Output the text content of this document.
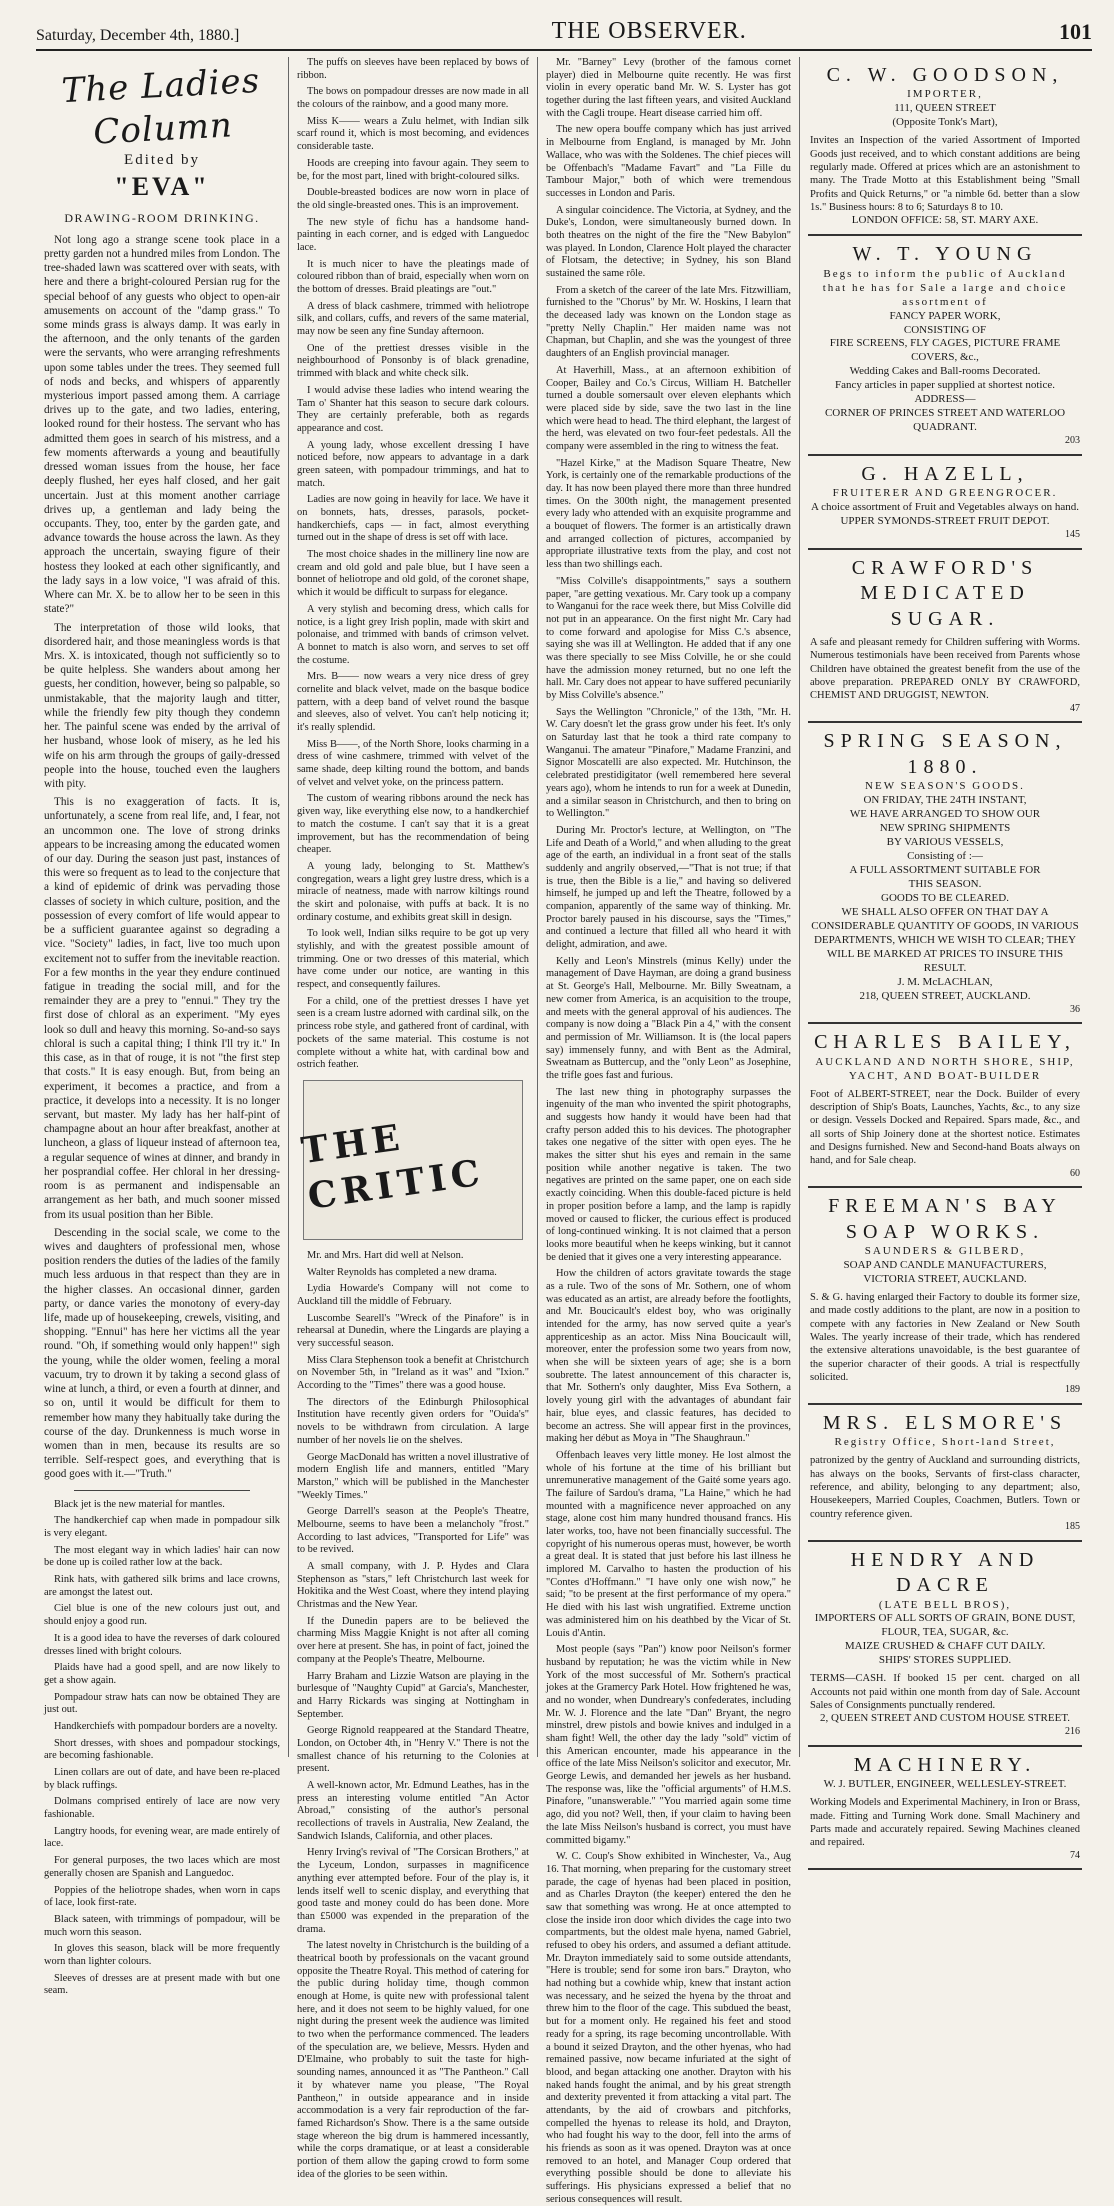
Saturday, December 4th, 1880.]	THE OBSERVER.	101
The Ladies Column
Edited by
"EVA"
DRAWING-ROOM DRINKING.

Not long ago a strange scene took place in a pretty garden not a hundred miles from London. The tree-shaded lawn was scattered over with seats, with here and there a bright-coloured Persian rug for the special behoof of any guests who object to open-air amusements on account of the "damp grass." To some minds grass is always damp. It was early in the afternoon, and the only tenants of the garden were the servants, who were arranging refreshments upon some tables under the trees. They seemed full of nods and becks, and whispers of apparently mysterious import passed among them. A carriage drives up to the gate, and two ladies, entering, looked round for their hostess. The servant who has admitted them goes in search of his mistress, and a few moments afterwards a young and beautifully dressed woman issues from the house, her face deeply flushed, her eyes half closed, and her gait uncertain. Just at this moment another carriage drives up, a gentleman and lady being the occupants. They, too, enter by the garden gate, and advance towards the house across the lawn. As they approach the uncertain, swaying figure of their hostess they looked at each other significantly, and the lady says in a low voice, "I was afraid of this. Where can Mr. X. be to allow her to be seen in this state?"

The interpretation of those wild looks, that disordered hair, and those meaningless words is that Mrs. X. is intoxicated, though not sufficiently so to be quite helpless. She wanders about among her guests, her condition, however, being so palpable, so unmistakable, that the majority laugh and titter, while the friendly few pity though they condemn her. The painful scene was ended by the arrival of her husband, whose look of misery, as he led his wife on his arm through the groups of gaily-dressed people into the house, touched even the laughers with pity.

This is no exaggeration of facts. It is, unfortunately, a scene from real life, and, I fear, not an uncommon one. The love of strong drinks appears to be increasing among the educated women of our day. During the season just past, instances of this were so frequent as to lead to the conjecture that a kind of epidemic of drink was pervading those classes of society in which culture, position, and the possession of every comfort of life would appear to be a sufficient guarantee against so degrading a vice. "Society" ladies, in fact, live too much upon excitement not to suffer from the inevitable reaction. For a few months in the year they endure continued fatigue in treading the social mill, and for the remainder they are a prey to "ennui." They try the first dose of chloral as an experiment. "My eyes look so dull and heavy this morning. So-and-so says chloral is such a capital thing; I think I'll try it." In this case, as in that of rouge, it is not "the first step that costs." It is easy enough. But, from being an experiment, it becomes a practice, and from a practice, it develops into a necessity. It is no longer servant, but master. My lady has her half-pint of champagne about an hour after breakfast, another at luncheon, a glass of liqueur instead of afternoon tea, a regular sequence of wines at dinner, and brandy in her posprandial coffee. Her chloral in her dressing-room is as permanent and indispensable an arrangement as her bath, and much sooner missed from its usual position than her Bible.

Descending in the social scale, we come to the wives and daughters of professional men, whose position renders the duties of the ladies of the family much less arduous in that respect than they are in the higher classes. An occasional dinner, garden party, or dance varies the monotony of every-day life, made up of housekeeping, crewels, visiting, and shopping. "Ennui" has here her victims all the year round. "Oh, if something would only happen!" sigh the young, while the older women, feeling a moral vacuum, try to drown it by taking a second glass of wine at lunch, a third, or even a fourth at dinner, and so on, until it would be difficult for them to remember how many they habitually take during the course of the day. Drunkenness is much worse in women than in men, because its results are so terrible. Self-respect goes, and everything that is good goes with it.—"Truth."

Black jet is the new material for mantles.

The handkerchief cap when made in pompadour silk is very elegant.

The most elegant way in which ladies' hair can now be done up is coiled rather low at the back.

Rink hats, with gathered silk brims and lace crowns, are amongst the latest out.

Ciel blue is one of the new colours just out, and should enjoy a good run.

It is a good idea to have the reverses of dark coloured dresses lined with bright colours.

Plaids have had a good spell, and are now likely to get a show again.

Pompadour straw hats can now be obtained They are just out.

Handkerchiefs with pompadour borders are a novelty.

Short dresses, with shoes and pompadour stockings, are becoming fashionable.

Linen collars are out of date, and have been re-placed by black ruffings.

Dolmans comprised entirely of lace are now very fashionable.

Langtry hoods, for evening wear, are made entirely of lace.

For general purposes, the two laces which are most generally chosen are Spanish and Languedoc.

Poppies of the heliotrope shades, when worn in caps of lace, look first-rate.

Black sateen, with trimmings of pompadour, will be much worn this season.

In gloves this season, black will be more frequently worn than lighter colours.

Sleeves of dresses are at present made with but one seam.

The puffs on sleeves have been replaced by bows of ribbon.

The bows on pompadour dresses are now made in all the colours of the rainbow, and a good many more.

Miss K—— wears a Zulu helmet, with Indian silk scarf round it, which is most becoming, and evidences considerable taste.

Hoods are creeping into favour again. They seem to be, for the most part, lined with bright-coloured silks.

Double-breasted bodices are now worn in place of the old single-breasted ones. This is an improvement.

The new style of fichu has a handsome hand-painting in each corner, and is edged with Languedoc lace.

It is much nicer to have the pleatings made of coloured ribbon than of braid, especially when worn on the bottom of dresses. Braid pleatings are "out."

A dress of black cashmere, trimmed with heliotrope silk, and collars, cuffs, and revers of the same material, may now be seen any fine Sunday afternoon.

One of the prettiest dresses visible in the neighbourhood of Ponsonby is of black grenadine, trimmed with black and white check silk.

I would advise these ladies who intend wearing the Tam o' Shanter hat this season to secure dark colours. They are certainly preferable, both as regards appearance and cost.

A young lady, whose excellent dressing I have noticed before, now appears to advantage in a dark green sateen, with pompadour trimmings, and hat to match.

Ladies are now going in heavily for lace. We have it on bonnets, hats, dresses, parasols, pocket-handkerchiefs, caps — in fact, almost everything turned out in the shape of dress is set off with lace.

The most choice shades in the millinery line now are cream and old gold and pale blue, but I have seen a bonnet of heliotrope and old gold, of the coronet shape, which it would be difficult to surpass for elegance.

A very stylish and becoming dress, which calls for notice, is a light grey Irish poplin, made with skirt and polonaise, and trimmed with bands of crimson velvet. A bonnet to match is also worn, and serves to set off the costume.

Mrs. B—— now wears a very nice dress of grey cornelite and black velvet, made on the basque bodice pattern, with a deep band of velvet round the basque and sleeves, also of velvet. You can't help noticing it; it's really splendid.

Miss B——, of the North Shore, looks charming in a dress of wine cashmere, trimmed with velvet of the same shade, deep kilting round the bottom, and bands of velvet and velvet yoke, on the princess pattern.

The custom of wearing ribbons around the neck has given way, like everything else now, to a handkerchief to match the costume. I can't say that it is a great improvement, but has the recommendation of being cheaper.

A young lady, belonging to St. Matthew's congregation, wears a light grey lustre dress, which is a miracle of neatness, made with narrow kiltings round the skirt and polonaise, with puffs at back. It is no ordinary costume, and exhibits great skill in design.

To look well, Indian silks require to be got up very stylishly, and with the greatest possible amount of trimming. One or two dresses of this material, which have come under our notice, are wanting in this respect, and consequently failures.

For a child, one of the prettiest dresses I have yet seen is a cream lustre adorned with cardinal silk, on the princess robe style, and gathered front of cardinal, with pockets of the same material. This costume is not complete without a white hat, with cardinal bow and ostrich feather.

THE CRITIC

Mr. and Mrs. Hart did well at Nelson.

Walter Reynolds has completed a new drama.

Lydia Howarde's Company will not come to Auckland till the middle of February.

Luscombe Searell's "Wreck of the Pinafore" is in rehearsal at Dunedin, where the Lingards are playing a very successful season.

Miss Clara Stephenson took a benefit at Christchurch on November 5th, in "Ireland as it was" and "Ixion." According to the "Times" there was a good house.

The directors of the Edinburgh Philosophical Institution have recently given orders for "Ouida's" novels to be withdrawn from circulation. A large number of her novels lie on the shelves.

George MacDonald has written a novel illustrative of modern English life and manners, entitled "Mary Marston," which will be published in the Manchester "Weekly Times."

George Darrell's season at the People's Theatre, Melbourne, seems to have been a melancholy "frost." According to last advices, "Transported for Life" was to be revived.

A small company, with J. P. Hydes and Clara Stephenson as "stars," left Christchurch last week for Hokitika and the West Coast, where they intend playing Christmas and the New Year.

If the Dunedin papers are to be believed the charming Miss Maggie Knight is not after all coming over here at present. She has, in point of fact, joined the company at the People's Theatre, Melbourne.

Harry Braham and Lizzie Watson are playing in the burlesque of "Naughty Cupid" at Garcia's, Manchester, and Harry Rickards was singing at Nottingham in September.

George Rignold reappeared at the Standard Theatre, London, on October 4th, in "Henry V." There is not the smallest chance of his returning to the Colonies at present.

A well-known actor, Mr. Edmund Leathes, has in the press an interesting volume entitled "An Actor Abroad," consisting of the author's personal recollections of travels in Australia, New Zealand, the Sandwich Islands, California, and other places.

Henry Irving's revival of "The Corsican Brothers," at the Lyceum, London, surpasses in magnificence anything ever attempted before. Four of the play is, it lends itself well to scenic display, and everything that good taste and money could do has been done. More than £5000 was expended in the preparation of the drama.

The latest novelty in Christchurch is the building of a theatrical booth by professionals on the vacant ground opposite the Theatre Royal. This method of catering for the public during holiday time, though common enough at Home, is quite new with professional talent here, and it does not seem to be highly valued, for one night during the present week the audience was limited to two when the performance commenced. The leaders of the speculation are, we believe, Messrs. Hyden and D'Elmaine, who probably to suit the taste for high-sounding names, announced it as "The Pantheon." Call it by whatever name you please, "The Royal Pantheon," in outside appearance and in inside accommodation is a very fair reproduction of the far-famed Richardson's Show. There is a the same outside stage whereon the big drum is hammered incessantly, while the corps dramatique, or at least a considerable portion of them allow the gaping crowd to form some idea of the glories to be seen within.

Mr. "Barney" Levy (brother of the famous cornet player) died in Melbourne quite recently. He was first violin in every operatic band Mr. W. S. Lyster has got together during the last fifteen years, and visited Auckland with the Cagli troupe. Heart disease carried him off.

The new opera bouffe company which has just arrived in Melbourne from England, is managed by Mr. John Wallace, who was with the Soldenes. The chief pieces will be Offenbach's "Madame Favart" and "La Fille du Tambour Major," both of which were tremendous successes in London and Paris.

A singular coincidence. The Victoria, at Sydney, and the Duke's, London, were simultaneously burned down. In both theatres on the night of the fire the "New Babylon" was played. In London, Clarence Holt played the character of Flotsam, the detective; in Sydney, his son Bland sustained the same rôle.

From a sketch of the career of the late Mrs. Fitzwilliam, furnished to the "Chorus" by Mr. W. Hoskins, I learn that the deceased lady was known on the London stage as "pretty Nelly Chaplin." Her maiden name was not Chapman, but Chaplin, and she was the youngest of three daughters of an English provincial manager.

At Haverhill, Mass., at an afternoon exhibition of Cooper, Bailey and Co.'s Circus, William H. Batcheller turned a double somersault over eleven elephants which were placed side by side, save the two last in the line which were head to head. The third elephant, the largest of the herd, was elevated on two four-feet pedestals. All the company were assembled in the ring to witness the feat.

"Hazel Kirke," at the Madison Square Theatre, New York, is certainly one of the remarkable productions of the day. It has now been played there more than three hundred times. On the 300th night, the management presented every lady who attended with an exquisite programme and a bouquet of flowers. The former is an artistically drawn and arranged collection of pictures, accompanied by appropriate illustrative texts from the play, and cost not less than two shillings each.

"Miss Colville's disappointments," says a southern paper, "are getting vexatious. Mr. Cary took up a company to Wanganui for the race week there, but Miss Colville did not put in an appearance. On the first night Mr. Cary had to come forward and apologise for Miss C.'s absence, saying she was ill at Wellington. He added that if any one was there specially to see Miss Colville, he or she could have the admission money returned, but no one left the hall. Mr. Cary does not appear to have suffered pecuniarily by Miss Colville's absence."

Says the Wellington "Chronicle," of the 13th, "Mr. H. W. Cary doesn't let the grass grow under his feet. It's only on Saturday last that he took a third rate company to Wanganui. The amateur "Pinafore," Madame Franzini, and Signor Moscatelli are also expected. Mr. Hutchinson, the celebrated prestidigitator (well remembered here several years ago), whom he intends to run for a week at Dunedin, and a similar season in Christchurch, and then to bring on to Wellington."

During Mr. Proctor's lecture, at Wellington, on "The Life and Death of a World," and when alluding to the great age of the earth, an individual in a front seat of the stalls suddenly and angrily observed,—"That is not true; if that is true, then the Bible is a lie," and having so delivered himself, he jumped up and left the Theatre, followed by a companion, apparently of the same way of thinking. Mr. Proctor barely paused in his discourse, says the "Times," and continued a lecture that filled all who heard it with delight, admiration, and awe.

Kelly and Leon's Minstrels (minus Kelly) under the management of Dave Hayman, are doing a grand business at St. George's Hall, Melbourne. Mr. Billy Sweatnam, a new comer from America, is an acquisition to the troupe, and meets with the general approval of his audiences. The company is now doing a "Black Pin a 4," with the consent and permission of Mr. Williamson. It is (the local papers say) immensely funny, and with Bent as the Admiral, Sweatnam as Buttercup, and the "only Leon" as Josephine, the trifle goes fast and furious.

The last new thing in photography surpasses the ingenuity of the man who invented the spirit photographs, and suggests how handy it would have been had that crafty person added this to his devices. The photographer takes one negative of the sitter with open eyes. The he makes the sitter shut his eyes and remain in the same position while another negative is taken. The two negatives are printed on the same paper, one on each side exactly coinciding. When this double-faced picture is held in proper position before a lamp, and the lamp is rapidly moved or caused to flicker, the curious effect is produced of long-continued winking. It is not claimed that a person looks more beautiful when he keeps winking, but it cannot be denied that it gives one a very interesting appearance.

How the children of actors gravitate towards the stage as a rule. Two of the sons of Mr. Sothern, one of whom was educated as an artist, are already before the footlights, and Mr. Boucicault's eldest boy, who was originally intended for the army, has now served quite a year's apprenticeship as an actor. Miss Nina Boucicault will, moreover, enter the profession some two years from now, when she will be sixteen years of age; she is a born soubrette. The latest announcement of this character is, that Mr. Sothern's only daughter, Miss Eva Sothern, a lovely young girl with the advantages of abundant fair hair, blue eyes, and classic features, has decided to become an actress. She will appear first in the provinces, making her début as Moya in "The Shaughraun."

Offenbach leaves very little money. He lost almost the whole of his fortune at the time of his brilliant but unremunerative management of the Gaité some years ago. The failure of Sardou's drama, "La Haine," which he had mounted with a magnificence never approached on any stage, alone cost him many hundred thousand francs. His later works, too, have not been financially successful. The copyright of his numerous operas must, however, be worth a great deal. It is stated that just before his last illness he implored M. Carvalho to hasten the production of his "Contes d'Hoffmann." "I have only one wish now," he said; "to be present at the first performance of my opera." He died with his last wish ungratified. Extreme unction was administered him on his deathbed by the Vicar of St. Louis d'Antin.

Most people (says "Pan") know poor Neilson's former husband by reputation; he was the victim while in New York of the most successful of Mr. Sothern's practical jokes at the Gramercy Park Hotel. How frightened he was, and no wonder, when Dundreary's confederates, including Mr. W. J. Florence and the late "Dan" Bryant, the negro minstrel, drew pistols and bowie knives and indulged in a sham fight! Well, the other day the lady "sold" victim of this American encounter, made his appearance in the office of the late Miss Neilson's solicitor and executor, Mr. George Lewis, and demanded her jewels as her husband. The response was, like the "official arguments" of H.M.S. Pinafore, "unanswerable." "You married again some time ago, did you not? Well, then, if your claim to having been the late Miss Neilson's husband is correct, you must have committed bigamy."

W. C. Coup's Show exhibited in Winchester, Va., Aug 16. That morning, when preparing for the customary street parade, the cage of hyenas had been placed in position, and as Charles Drayton (the keeper) entered the den he saw that something was wrong. He at once attempted to close the inside iron door which divides the cage into two compartments, but the oldest male hyena, named Gabriel, refused to obey his orders, and assumed a defiant attitude. Mr. Drayton immediately said to some outside attendants, "Here is trouble; send for some iron bars." Drayton, who had nothing but a cowhide whip, knew that instant action was necessary, and he seized the hyena by the throat and threw him to the floor of the cage. This subdued the beast, but for a moment only. He regained his feet and stood ready for a spring, its rage becoming uncontrollable. With a bound it seized Drayton, and the other hyenas, who had remained passive, now became infuriated at the sight of blood, and began attacking one another. Drayton with his naked hands fought the animal, and by his great strength and dexterity prevented it from attacking a vital part. The attendants, by the aid of crowbars and pitchforks, compelled the hyenas to release its hold, and Drayton, who had fought his way to the door, fell into the arms of his friends as soon as it was opened. Drayton was at once removed to an hotel, and Manager Coup ordered that everything possible should be done to alleviate his sufferings. His physicians expressed a belief that no serious consequences will result.

C. W. GOODSON,
IMPORTER,
111, QUEEN STREET
(Opposite Tonk's Mart),
Invites an Inspection of the varied Assortment of Imported Goods just received, and to which constant additions are being regularly made. Offered at prices which are an astonishment to many. The Trade Motto at this Establishment being "Small Profits and Quick Returns," or "a nimble 6d. better than a slow 1s." Business hours: 8 to 6; Saturdays 8 to 10.
LONDON OFFICE: 58, ST. MARY AXE.
W. T. YOUNG
Begs to inform the public of Auckland that he has for Sale a large and choice assortment of
FANCY PAPER WORK,
CONSISTING OF
FIRE SCREENS, FLY CAGES, PICTURE FRAME COVERS, &c.,
Wedding Cakes and Ball-rooms Decorated.
Fancy articles in paper supplied at shortest notice.
ADDRESS—
CORNER OF PRINCES STREET AND WATERLOO QUADRANT.
203
G. HAZELL,
FRUITERER AND GREENGROCER.
A choice assortment of Fruit and Vegetables always on hand.
UPPER SYMONDS-STREET FRUIT DEPOT.
145
CRAWFORD'S MEDICATED SUGAR.
A safe and pleasant remedy for Children suffering with Worms. Numerous testimonials have been received from Parents whose Children have obtained the greatest benefit from the use of the above preparation. PREPARED ONLY BY CRAWFORD, CHEMIST AND DRUGGIST, NEWTON.
47
SPRING SEASON, 1880.
NEW SEASON'S GOODS.
ON FRIDAY, THE 24TH INSTANT,
WE HAVE ARRANGED TO SHOW OUR
NEW SPRING SHIPMENTS
BY VARIOUS VESSELS,
Consisting of :—
A FULL ASSORTMENT SUITABLE FOR
THIS SEASON.
GOODS TO BE CLEARED.
WE SHALL ALSO OFFER ON THAT DAY A CONSIDERABLE QUANTITY OF GOODS, IN VARIOUS DEPARTMENTS, WHICH WE WISH TO CLEAR; THEY WILL BE MARKED AT PRICES TO INSURE THIS RESULT.
J. M. McLACHLAN,
218, QUEEN STREET, AUCKLAND.
36
CHARLES BAILEY,
AUCKLAND AND NORTH SHORE, SHIP, YACHT, AND BOAT-BUILDER
Foot of ALBERT-STREET, near the Dock. Builder of every description of Ship's Boats, Launches, Yachts, &c., to any size or design. Vessels Docked and Repaired. Spars made, &c., and all sorts of Ship Joinery done at the shortest notice. Estimates and Designs furnished. New and Second-hand Boats always on hand, and for Sale cheap.
60
FREEMAN'S BAY SOAP WORKS.
SAUNDERS & GILBERD,
SOAP AND CANDLE MANUFACTURERS,
VICTORIA STREET, AUCKLAND.
S. & G. having enlarged their Factory to double its former size, and made costly additions to the plant, are now in a position to compete with any factories in New Zealand or New South Wales. The yearly increase of their trade, which has rendered the extensive alterations unavoidable, is the best guarantee of the superior character of their goods. A trial is respectfully solicited.
189
MRS. ELSMORE'S
Registry Office, Short-land Street,
patronized by the gentry of Auckland and surrounding districts, has always on the books, Servants of first-class character, reference, and ability, belonging to any department; also, Housekeepers, Married Couples, Coachmen, Butlers. Town or country reference given.
185
HENDRY AND DACRE
(LATE BELL BROS),
IMPORTERS OF ALL SORTS OF GRAIN, BONE DUST, FLOUR, TEA, SUGAR, &c.
MAIZE CRUSHED & CHAFF CUT DAILY.
SHIPS' STORES SUPPLIED.
TERMS—CASH. If booked 15 per cent. charged on all Accounts not paid within one month from day of Sale. Account Sales of Consignments punctually rendered.
2, QUEEN STREET AND CUSTOM HOUSE STREET.
216
MACHINERY.
W. J. BUTLER, ENGINEER, WELLESLEY-STREET.
Working Models and Experimental Machinery, in Iron or Brass, made. Fitting and Turning Work done. Small Machinery and Parts made and accurately repaired. Sewing Machines cleaned and repaired.
74
